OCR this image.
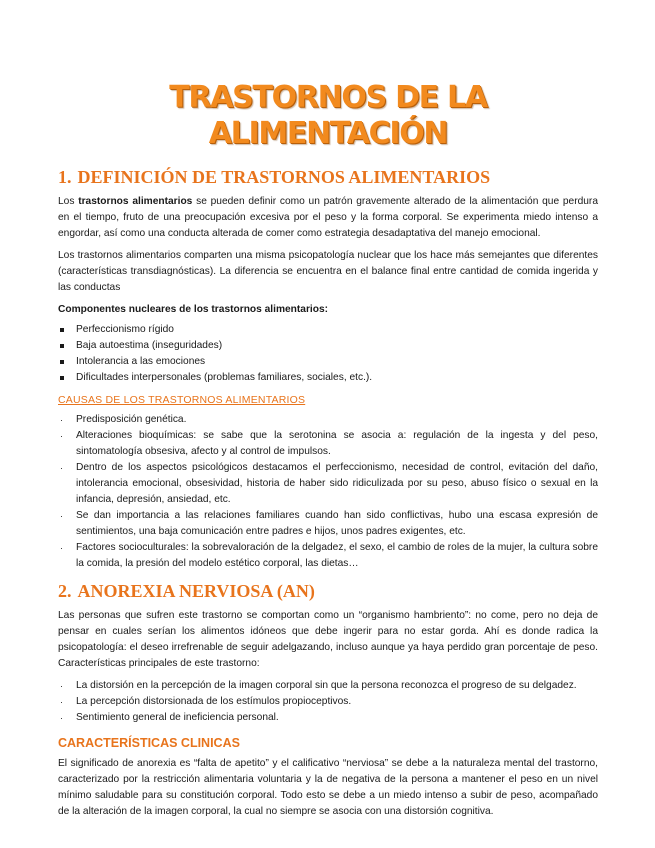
TRASTORNOS DE LA ALIMENTACIÓN
1. DEFINICIÓN DE TRASTORNOS ALIMENTARIOS

Los trastornos alimentarios se pueden definir como un patrón gravemente alterado de la alimentación que perdura en el tiempo, fruto de una preocupación excesiva por el peso y la forma corporal. Se experimenta miedo intenso a engordar, así como una conducta alterada de comer como estrategia desadaptativa del manejo emocional.

Los trastornos alimentarios comparten una misma psicopatología nuclear que los hace más semejantes que diferentes (características transdiagnósticas). La diferencia se encuentra en el balance final entre cantidad de comida ingerida y las conductas

Componentes nucleares de los trastornos alimentarios:

Perfeccionismo rígido
Baja autoestima (inseguridades)
Intolerancia a las emociones
Dificultades interpersonales (problemas familiares, sociales, etc.).
CAUSAS DE LOS TRASTORNOS ALIMENTARIOS
· Predisposición genética.
· Alteraciones bioquímicas: se sabe que la serotonina se asocia a: regulación de la ingesta y del peso, sintomatología obsesiva, afecto y al control de impulsos.
· Dentro de los aspectos psicológicos destacamos el perfeccionismo, necesidad de control, evitación del daño, intolerancia emocional, obsesividad, historia de haber sido ridiculizada por su peso, abuso físico o sexual en la infancia, depresión, ansiedad, etc.
· Se dan importancia a las relaciones familiares cuando han sido conflictivas, hubo una escasa expresión de sentimientos, una baja comunicación entre padres e hijos, unos padres exigentes, etc.
· Factores socioculturales: la sobrevaloración de la delgadez, el sexo, el cambio de roles de la mujer, la cultura sobre la comida, la presión del modelo estético corporal, las dietas…
2. ANOREXIA NERVIOSA (AN)

Las personas que sufren este trastorno se comportan como un “organismo hambriento”: no come, pero no deja de pensar en cuales serían los alimentos idóneos que debe ingerir para no estar gorda. Ahí es donde radica la psicopatología: el deseo irrefrenable de seguir adelgazando, incluso aunque ya haya perdido gran porcentaje de peso. Características principales de este trastorno:

· La distorsión en la percepción de la imagen corporal sin que la persona reconozca el progreso de su delgadez.
· La percepción distorsionada de los estímulos propioceptivos.
· Sentimiento general de ineficiencia personal.
CARACTERÍSTICAS CLINICAS

El significado de anorexia es “falta de apetito” y el calificativo “nerviosa” se debe a la naturaleza mental del trastorno, caracterizado por la restricción alimentaria voluntaria y la de negativa de la persona a mantener el peso en un nivel mínimo saludable para su constitución corporal. Todo esto se debe a un miedo intenso a subir de peso, acompañado de la alteración de la imagen corporal, la cual no siempre se asocia con una distorsión cognitiva.
